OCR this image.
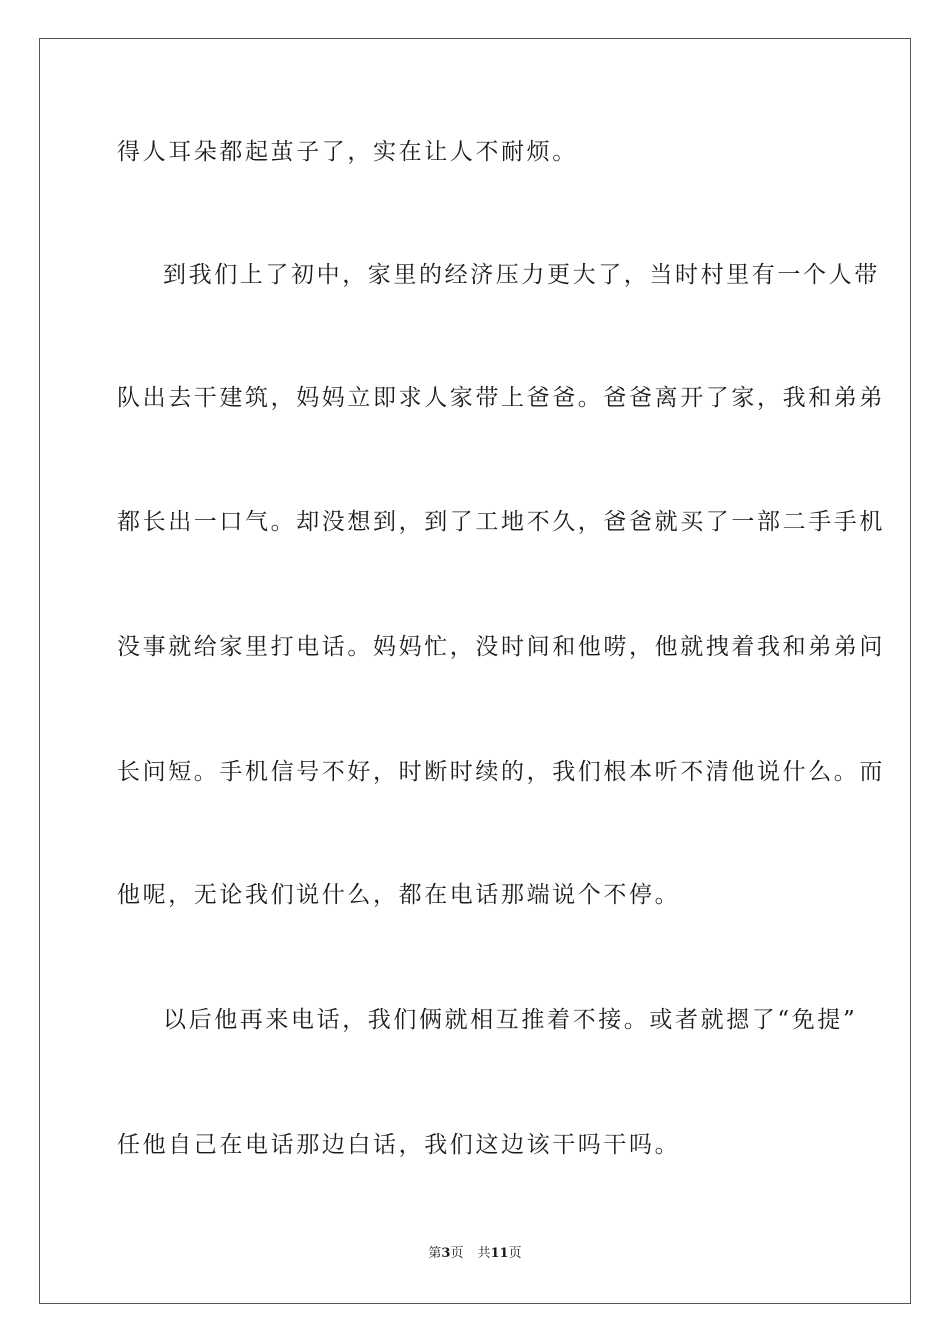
得人耳朵都起茧子了，实在让人不耐烦。
到我们上了初中，家里的经济压力更大了，当时村里有一个人带
队出去干建筑，妈妈立即求人家带上爸爸。爸爸离开了家，我和弟弟
都长出一口气。却没想到，到了工地不久，爸爸就买了一部二手手机
没事就给家里打电话。妈妈忙，没时间和他唠，他就拽着我和弟弟问
长问短。手机信号不好，时断时续的，我们根本听不清他说什么。而
他呢，无论我们说什么，都在电话那端说个不停。
以后他再来电话，我们俩就相互推着不接。或者就摁了“免提”
任他自己在电话那边白话，我们这边该干吗干吗。
第3页 共11页
